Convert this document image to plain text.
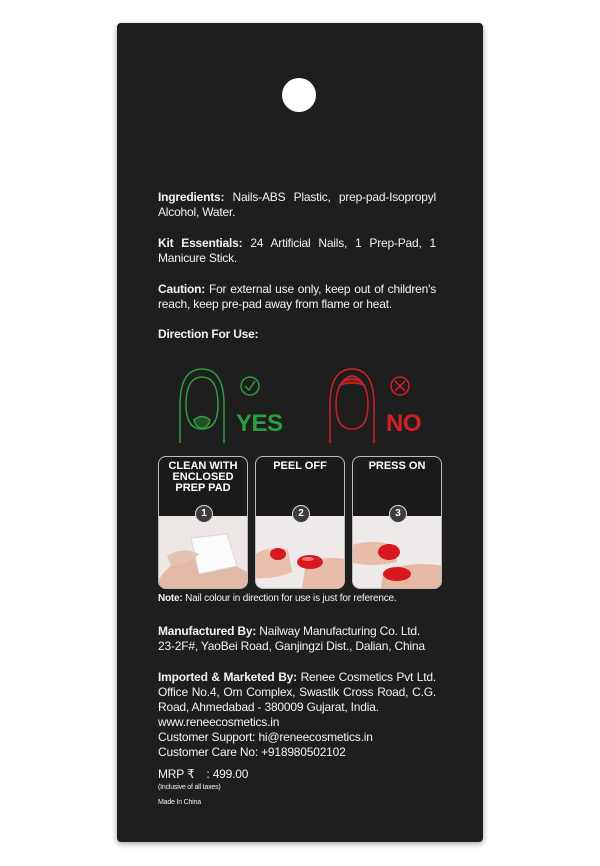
Ingredients: Nails-ABS Plastic, prep-pad-Isopropyl Alcohol, Water.
Kit Essentials: 24 Artificial Nails, 1 Prep-Pad, 1 Manicure Stick.
Caution: For external use only, keep out of children's reach, keep pre-pad away from flame or heat.
Direction For Use:
YES	NO
CLEAN WITH
ENCLOSED
PREP PAD
1
PEEL OFF
2
PRESS ON
3
Note: Nail colour in direction for use is just for reference.
Manufactured By: Nailway Manufacturing Co. Ltd.
23-2F#, YaoBei Road, Ganjingzi Dist., Dalian, China
Imported & Marketed By: Renee Cosmetics Pvt Ltd. Office No.4, Om Complex, Swastik Cross Road, C.G. Road, Ahmedabad - 380009 Gujarat, India.
www.reneecosmetics.in
Customer Support: hi@reneecosmetics.in
Customer Care No: +918980502102
MRP ₹ : 499.00
(Inclusive of all taxes)
Made In China
